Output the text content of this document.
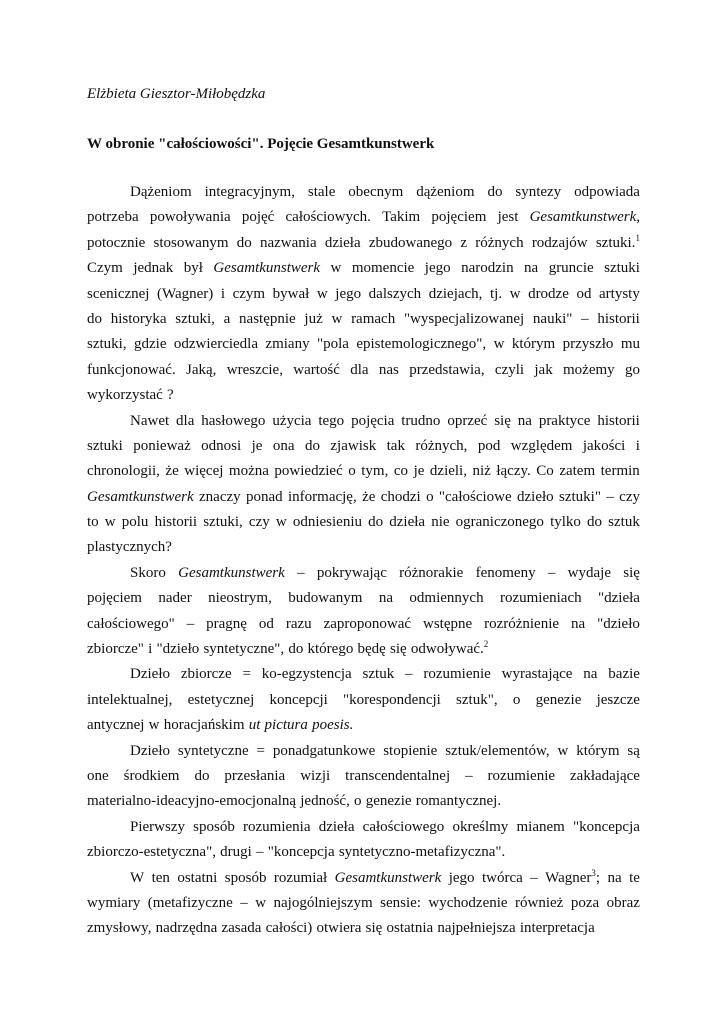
Elżbieta Giesztor-Miłobędzka
W obronie "całościowości". Pojęcie Gesamtkunstwerk
Dążeniom integracyjnym, stale obecnym dążeniom do syntezy odpowiada
potrzeba powoływania pojęć całościowych. Takim pojęciem jest Gesamtkunstwerk,
potocznie stosowanym do nazwania dzieła zbudowanego z różnych rodzajów sztuki.$^1$
Czym jednak był Gesamtkunstwerk w momencie jego narodzin na gruncie sztuki
scenicznej (Wagner) i czym bywał w jego dalszych dziejach, tj. w drodze od artysty
do historyka sztuki, a następnie już w ramach "wyspecjalizowanej nauki" – historii
sztuki, gdzie odzwierciedla zmiany "pola epistemologicznego", w którym przyszło mu
funkcjonować. Jaką, wreszcie, wartość dla nas przedstawia, czyli jak możemy go
wykorzystać ?
Nawet dla hasłowego użycia tego pojęcia trudno oprzeć się na praktyce historii
sztuki ponieważ odnosi je ona do zjawisk tak różnych, pod względem jakości i
chronologii, że więcej można powiedzieć o tym, co je dzieli, niż łączy. Co zatem termin
Gesamtkunstwerk znaczy ponad informację, że chodzi o "całościowe dzieło sztuki" – czy
to w polu historii sztuki, czy w odniesieniu do dzieła nie ograniczonego tylko do sztuk
plastycznych?
Skoro Gesamtkunstwerk – pokrywając różnorakie fenomeny – wydaje się
pojęciem nader nieostrym, budowanym na odmiennych rozumieniach "dzieła
całościowego" – pragnę od razu zaproponować wstępne rozróżnienie na "dzieło
zbiorcze" i "dzieło syntetyczne", do którego będę się odwoływać.$^2$
Dzieło zbiorcze = ko-egzystencja sztuk – rozumienie wyrastające na bazie
intelektualnej, estetycznej koncepcji "korespondencji sztuk", o genezie jeszcze
antycznej w horacjańskim ut pictura poesis.
Dzieło syntetyczne = ponadgatunkowe stopienie sztuk/elementów, w którym są
one środkiem do przesłania wizji transcendentalnej – rozumienie zakładające
materialno-ideacyjno-emocjonalną jedność, o genezie romantycznej.
Pierwszy sposób rozumienia dzieła całościowego określmy mianem "koncepcja
zbiorczo-estetyczna", drugi – "koncepcja syntetyczno-metafizyczna".
W ten ostatni sposób rozumiał Gesamtkunstwerk jego twórca – Wagner$^3$; na te
wymiary (metafizyczne – w najogólniejszym sensie: wychodzenie również poza obraz
zmysłowy, nadrzędna zasada całości) otwiera się ostatnia najpełniejsza interpretacja
